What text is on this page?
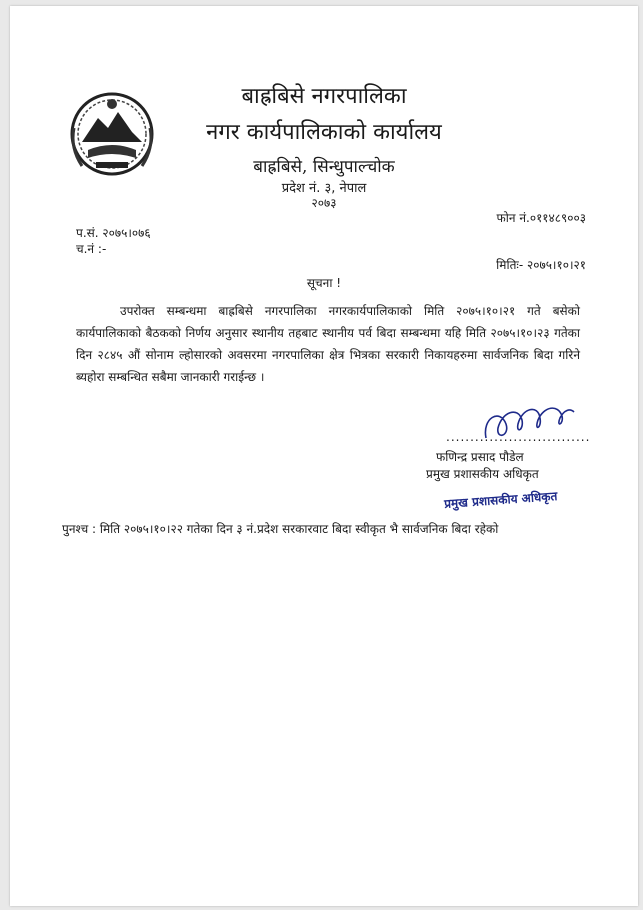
बाह्रबिसे नगरपालिका
नगर कार्यपालिकाको कार्यालय
बाह्रबिसे, सिन्धुपाल्चोक
प्रदेश नं. ३, नेपाल
२०७३
फोन नं.०११४८९००३
प.सं. २०७५।०७६
च.नं :-
मितिः- २०७५।१०।२१
सूचना !
उपरोक्त सम्बन्धमा बाह्रबिसे नगरपालिका नगरकार्यपालिकाको मिति २०७५।१०।२१ गते बसेको कार्यपालिकाको बैठकको निर्णय अनुसार स्थानीय तहबाट स्थानीय पर्व बिदा सम्बन्धमा यहि मिति २०७५।१०।२३ गतेका दिन २८४५ औं सोनाम ल्होसारको अवसरमा नगरपालिका क्षेत्र भित्रका सरकारी निकायहरुमा सार्वजनिक बिदा गरिने ब्यहोरा सम्बन्धित सबैमा जानकारी गराईन्छ ।
..............................
फणिन्द्र प्रसाद पौडेल
प्रमुख प्रशासकीय अधिकृत
प्रमुख प्रशासकीय अधिकृत
पुनश्च : मिति २०७५।१०।२२ गतेका दिन ३ नं.प्रदेश सरकारवाट बिदा स्वीकृत भै सार्वजनिक बिदा रहेको
